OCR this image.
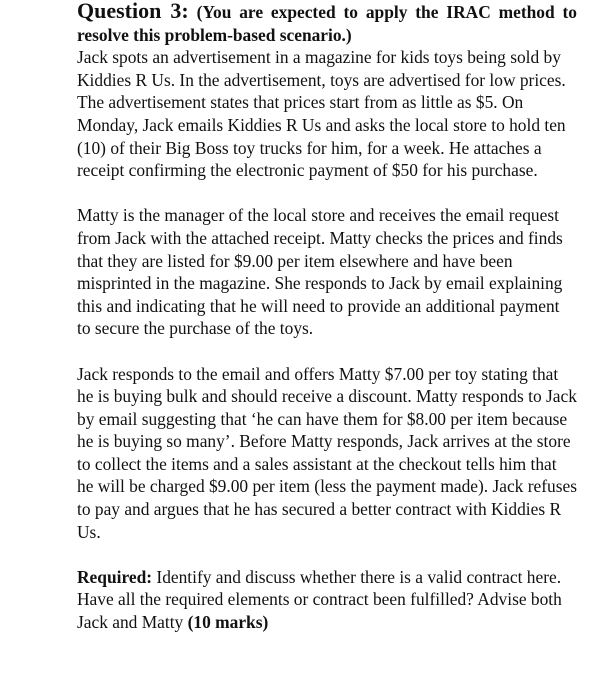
Question 3: (You are expected to apply the IRAC method to resolve this problem-based scenario.)

Jack spots an advertisement in a magazine for kids toys being sold by Kiddies R Us. In the advertisement, toys are advertised for low prices. The advertisement states that prices start from as little as $5. On Monday, Jack emails Kiddies R Us and asks the local store to hold ten (10) of their Big Boss toy trucks for him, for a week. He attaches a receipt confirming the electronic payment of $50 for his purchase.

Matty is the manager of the local store and receives the email request from Jack with the attached receipt. Matty checks the prices and finds that they are listed for $9.00 per item elsewhere and have been misprinted in the magazine. She responds to Jack by email explaining this and indicating that he will need to provide an additional payment to secure the purchase of the toys.

Jack responds to the email and offers Matty $7.00 per toy stating that he is buying bulk and should receive a discount. Matty responds to Jack by email suggesting that ‘he can have them for $8.00 per item because he is buying so many’. Before Matty responds, Jack arrives at the store to collect the items and a sales assistant at the checkout tells him that he will be charged $9.00 per item (less the payment made). Jack refuses to pay and argues that he has secured a better contract with Kiddies R Us.

Required: Identify and discuss whether there is a valid contract here. Have all the required elements or contract been fulfilled? Advise both Jack and Matty (10 marks)
